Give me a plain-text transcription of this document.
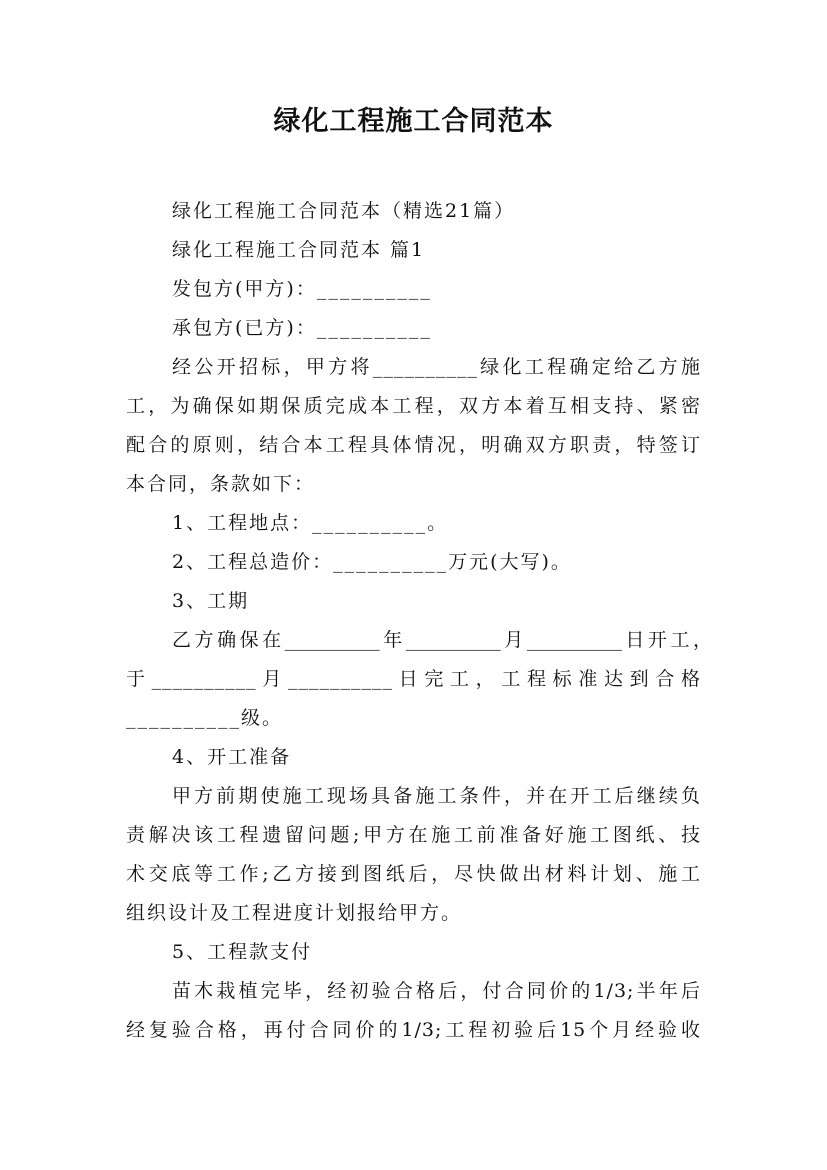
绿化工程施工合同范本
绿化工程施工合同范本（精选21篇）
绿化工程施工合同范本 篇1
发包方(甲方)：__________
承包方(已方)：__________
经公开招标，甲方将__________绿化工程确定给乙方施
工，为确保如期保质完成本工程，双方本着互相支持、紧密
配合的原则，结合本工程具体情况，明确双方职责，特签订
本合同，条款如下：
1、工程地点：__________。
2、工程总造价：__________万元(大写)。
3、工期
乙方确保在__________年__________月__________日开工，
于__________月__________日完工，工程标准达到合格
__________级。
4、开工准备
甲方前期使施工现场具备施工条件，并在开工后继续负
责解决该工程遗留问题;甲方在施工前准备好施工图纸、技
术交底等工作;乙方接到图纸后，尽快做出材料计划、施工
组织设计及工程进度计划报给甲方。
5、工程款支付
苗木栽植完毕，经初验合格后，付合同价的1/3;半年后
经复验合格，再付合同价的1/3;工程初验后15个月经验收
